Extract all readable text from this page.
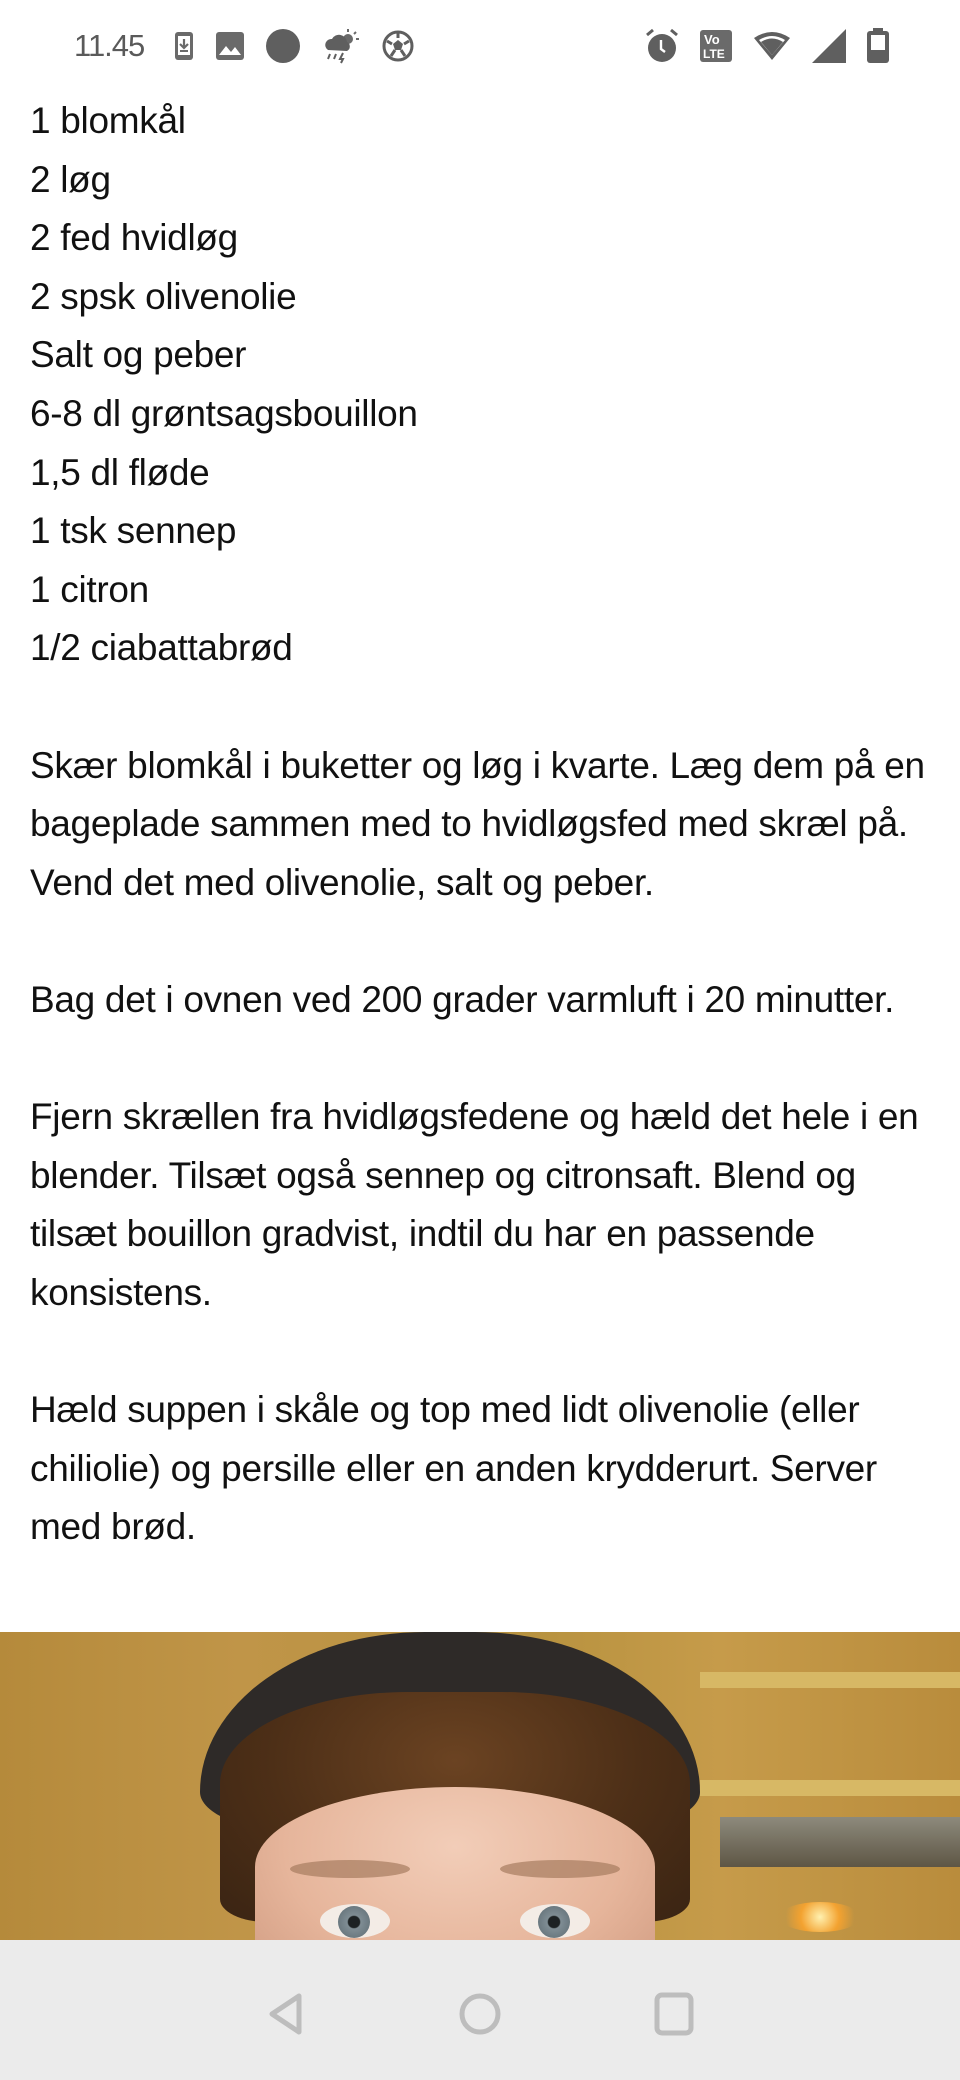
11.45	Vo
LTE
1 blomkål
2 løg
2 fed hvidløg
2 spsk olivenolie
Salt og peber
6-8 dl grøntsagsbouillon
1,5 dl fløde
1 tsk sennep
1 citron
1/2 ciabattabrød

Skær blomkål i buketter og løg i kvarte. Læg dem på en bageplade sammen med to hvidløgsfed med skræl på. Vend det med olivenolie, salt og peber.

Bag det i ovnen ved 200 grader varmluft i 20 minutter.

Fjern skrællen fra hvidløgsfedene og hæld det hele i en blender. Tilsæt også sennep og citronsaft. Blend og tilsæt bouillon gradvist, indtil du har en passende konsistens.

Hæld suppen i skåle og top med lidt olivenolie (eller chiliolie) og persille eller en anden krydderurt. Server med brød.
